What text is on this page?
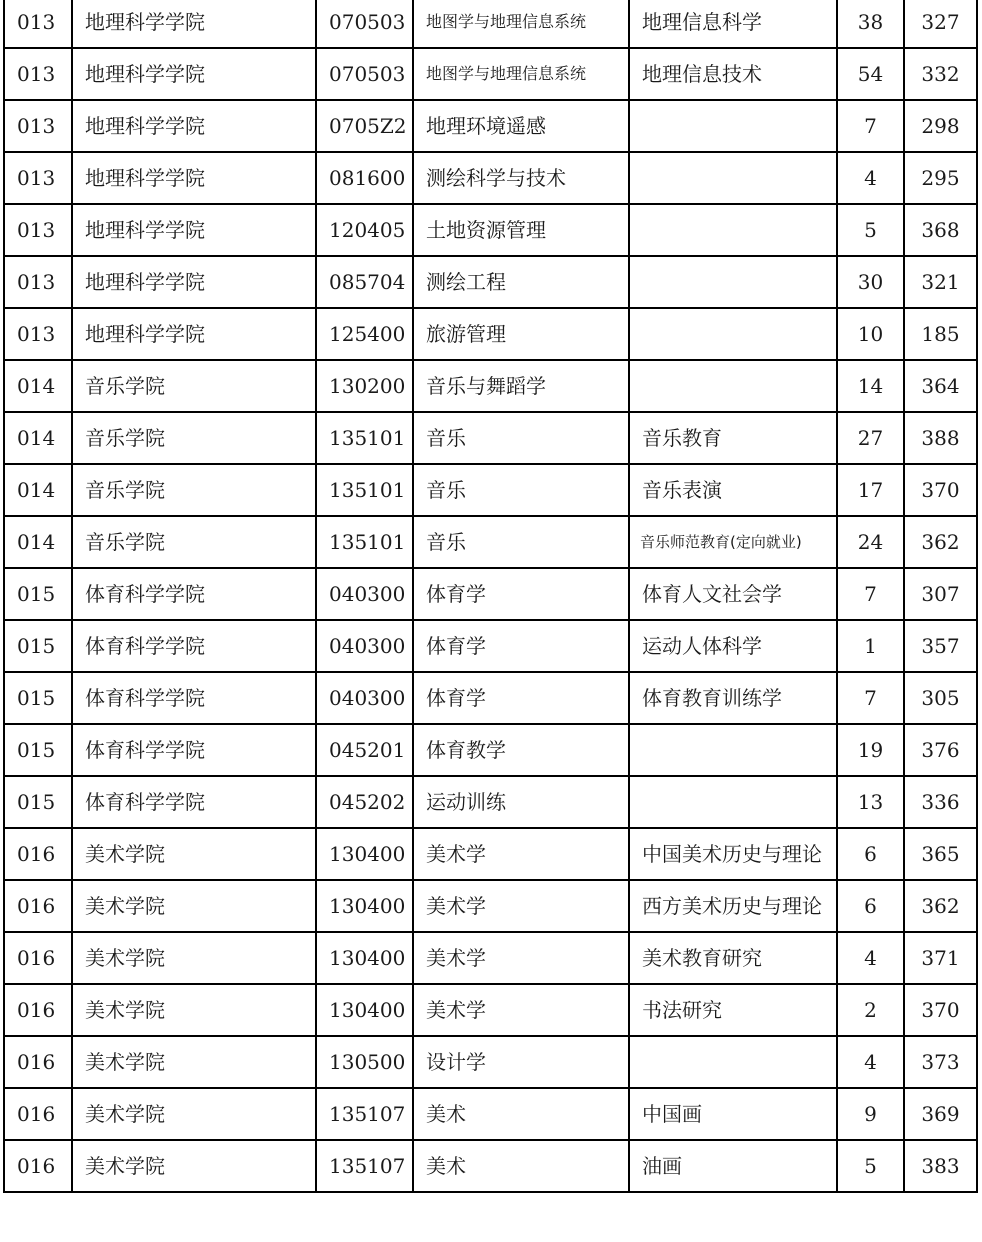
013	地理科学学院	070503	地图学与地理信息系统	地理信息科学	38	327
013	地理科学学院	070503	地图学与地理信息系统	地理信息技术	54	332
013	地理科学学院	0705Z2	地理环境遥感		7	298
013	地理科学学院	081600	测绘科学与技术		4	295
013	地理科学学院	120405	土地资源管理		5	368
013	地理科学学院	085704	测绘工程		30	321
013	地理科学学院	125400	旅游管理		10	185
014	音乐学院	130200	音乐与舞蹈学		14	364
014	音乐学院	135101	音乐	音乐教育	27	388
014	音乐学院	135101	音乐	音乐表演	17	370
014	音乐学院	135101	音乐	音乐师范教育(定向就业)	24	362
015	体育科学学院	040300	体育学	体育人文社会学	7	307
015	体育科学学院	040300	体育学	运动人体科学	1	357
015	体育科学学院	040300	体育学	体育教育训练学	7	305
015	体育科学学院	045201	体育教学		19	376
015	体育科学学院	045202	运动训练		13	336
016	美术学院	130400	美术学	中国美术历史与理论	6	365
016	美术学院	130400	美术学	西方美术历史与理论	6	362
016	美术学院	130400	美术学	美术教育研究	4	371
016	美术学院	130400	美术学	书法研究	2	370
016	美术学院	130500	设计学		4	373
016	美术学院	135107	美术	中国画	9	369
016	美术学院	135107	美术	油画	5	383
